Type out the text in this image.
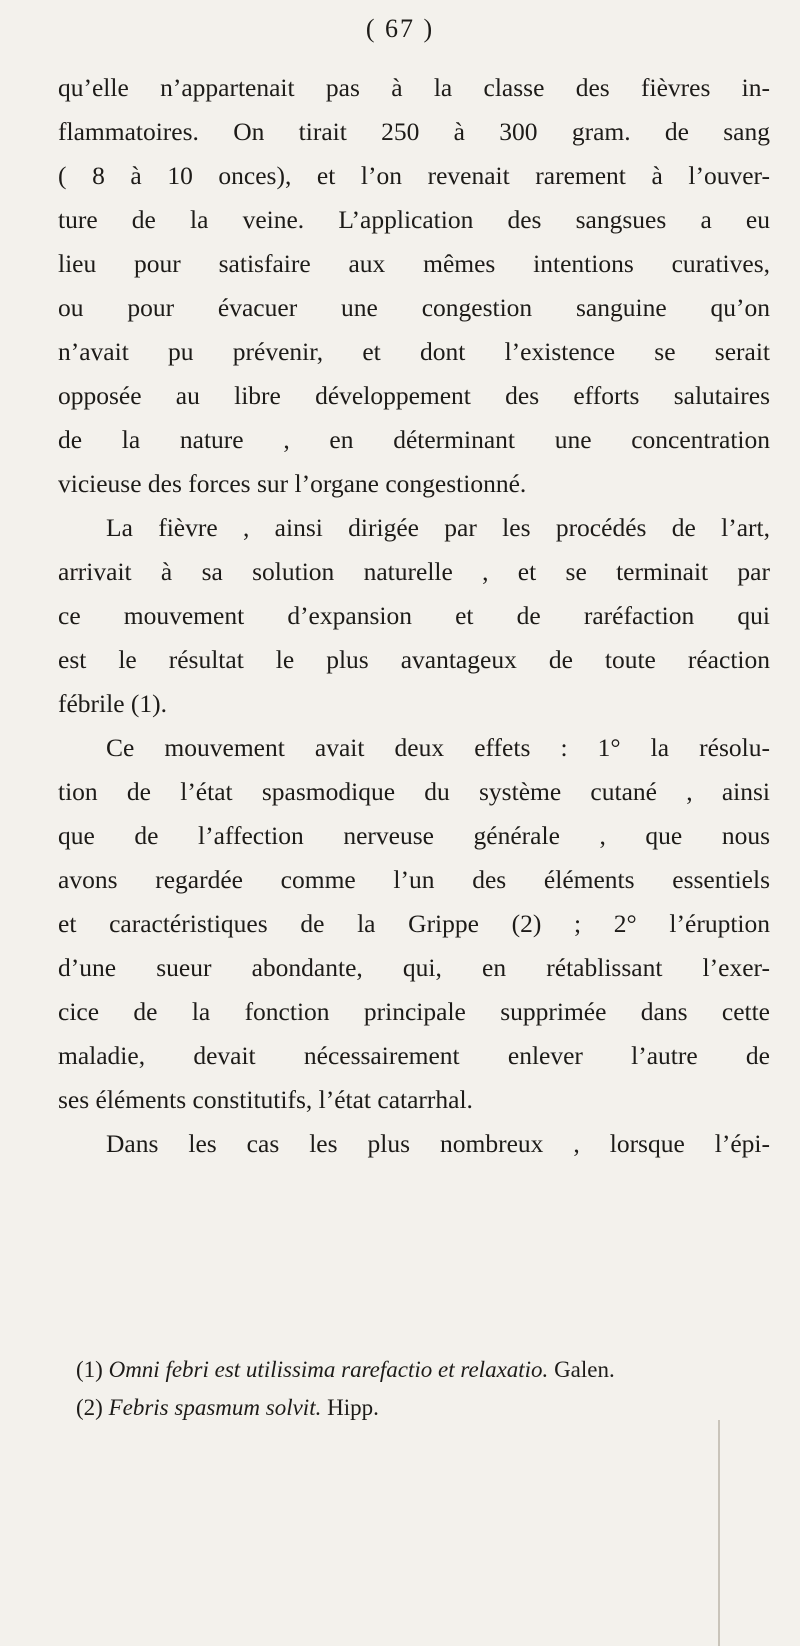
( 67 )
qu’elle n’appartenait pas à la classe des fièvres in-
flammatoires. On tirait 250 à 300 gram. de sang
( 8 à 10 onces), et l’on revenait rarement à l’ouver-
ture de la veine. L’application des sangsues a eu
lieu pour satisfaire aux mêmes intentions curatives,
ou pour évacuer une congestion sanguine qu’on
n’avait pu prévenir, et dont l’existence se serait
opposée au libre développement des efforts salutaires
de la nature , en déterminant une concentration
vicieuse des forces sur l’organe congestionné.
La fièvre , ainsi dirigée par les procédés de l’art,
arrivait à sa solution naturelle , et se terminait par
ce mouvement d’expansion et de raréfaction qui
est le résultat le plus avantageux de toute réaction
fébrile (1).
Ce mouvement avait deux effets : 1° la résolu-
tion de l’état spasmodique du système cutané , ainsi
que de l’affection nerveuse générale , que nous
avons regardée comme l’un des éléments essentiels
et caractéristiques de la Grippe (2) ; 2° l’éruption
d’une sueur abondante, qui, en rétablissant l’exer-
cice de la fonction principale supprimée dans cette
maladie, devait nécessairement enlever l’autre de
ses éléments constitutifs, l’état catarrhal.
Dans les cas les plus nombreux , lorsque l’épi-
(1) Omni febri est utilissima rarefactio et relaxatio. Galen.
(2) Febris spasmum solvit. Hipp.
